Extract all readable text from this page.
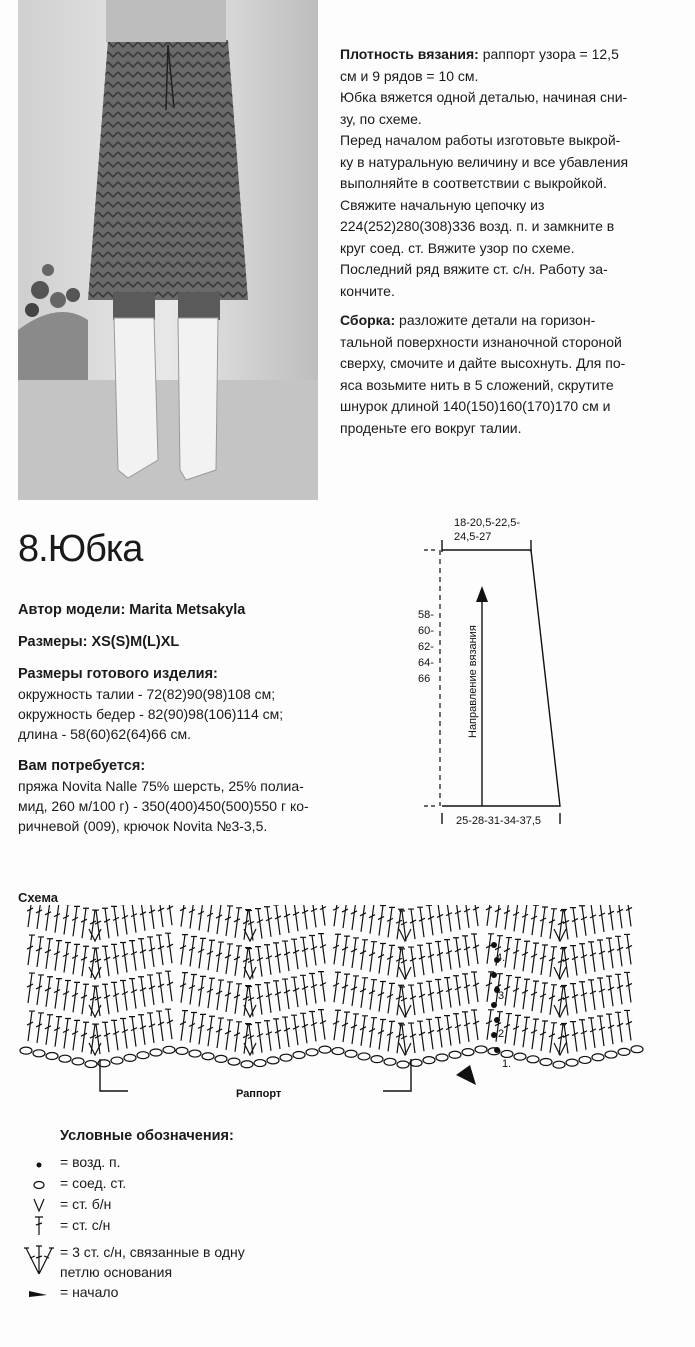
Плотность вязания: раппорт узора = 12,5

см и 9 рядов = 10 см.

Юбка вяжется одной деталью, начиная сни-

зу, по схеме.

Перед началом работы изготовьте выкрой-

ку в натуральную величину и все убавления

выполняйте в соответствии с выкройкой.

Свяжите начальную цепочку из

224(252)280(308)336 возд. п. и замкните в

круг соед. ст. Вяжите узор по схеме.

Последний ряд вяжите ст. с/н. Работу за-

кончите.

Сборка: разложите детали на горизон-

тальной поверхности изнаночной стороной

сверху, смочите и дайте высохнуть. Для по-

яса возьмите нить в 5 сложений, скрутите

шнурок длиной 140(150)160(170)170 см и

проденьте его вокруг талии.

8.Юбка
Автор модели: Marita Metsakyla
Размеры: XS(S)M(L)XL
Размеры готового изделия:
окружность талии - 72(82)90(98)108 см;
окружность бедер - 82(90)98(106)114 см;
длина - 58(60)62(64)66 см.
Вам потребуется:
пряжа Novita Nalle 75% шерсть, 25% полиа-
мид, 260 м/100 г) - 350(400)450(500)550 г ко-
ричневой (009), крючок Novita №3-3,5.
18-20,5-22,5-
24,5-27
58-
60-
62-
64-
66	Направление вязания
25-28-31-34-37,5
Схема
1.
2.
3.
4.
Раппорт
Условные обозначения:
= возд. п.
= соед. ст.
= ст. б/н
= ст. с/н
= 3 ст. с/н, связанные в одну
петлю основания
= начало
